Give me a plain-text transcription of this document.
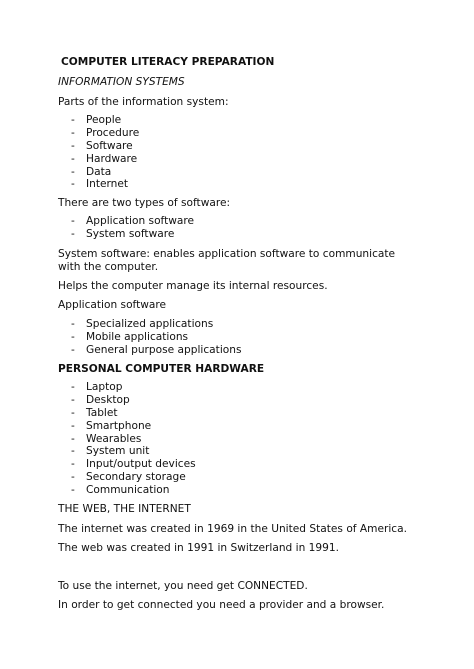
COMPUTER LITERACY PREPARATION
INFORMATION SYSTEMS
Parts of the information system:
- People
- Procedure
- Software
- Hardware
- Data
- Internet
There are two types of software:
- Application software
- System software
System software: enables application software to communicate with the computer.
Helps the computer manage its internal resources.
Application software
- Specialized applications
- Mobile applications
- General purpose applications
PERSONAL COMPUTER HARDWARE
- Laptop
- Desktop
- Tablet
- Smartphone
- Wearables
- System unit
- Input/output devices
- Secondary storage
- Communication
THE WEB, THE INTERNET
The internet was created in 1969 in the United States of America.
The web was created in 1991 in Switzerland in 1991.
To use the internet, you need get CONNECTED.
In order to get connected you need a provider and a browser.
